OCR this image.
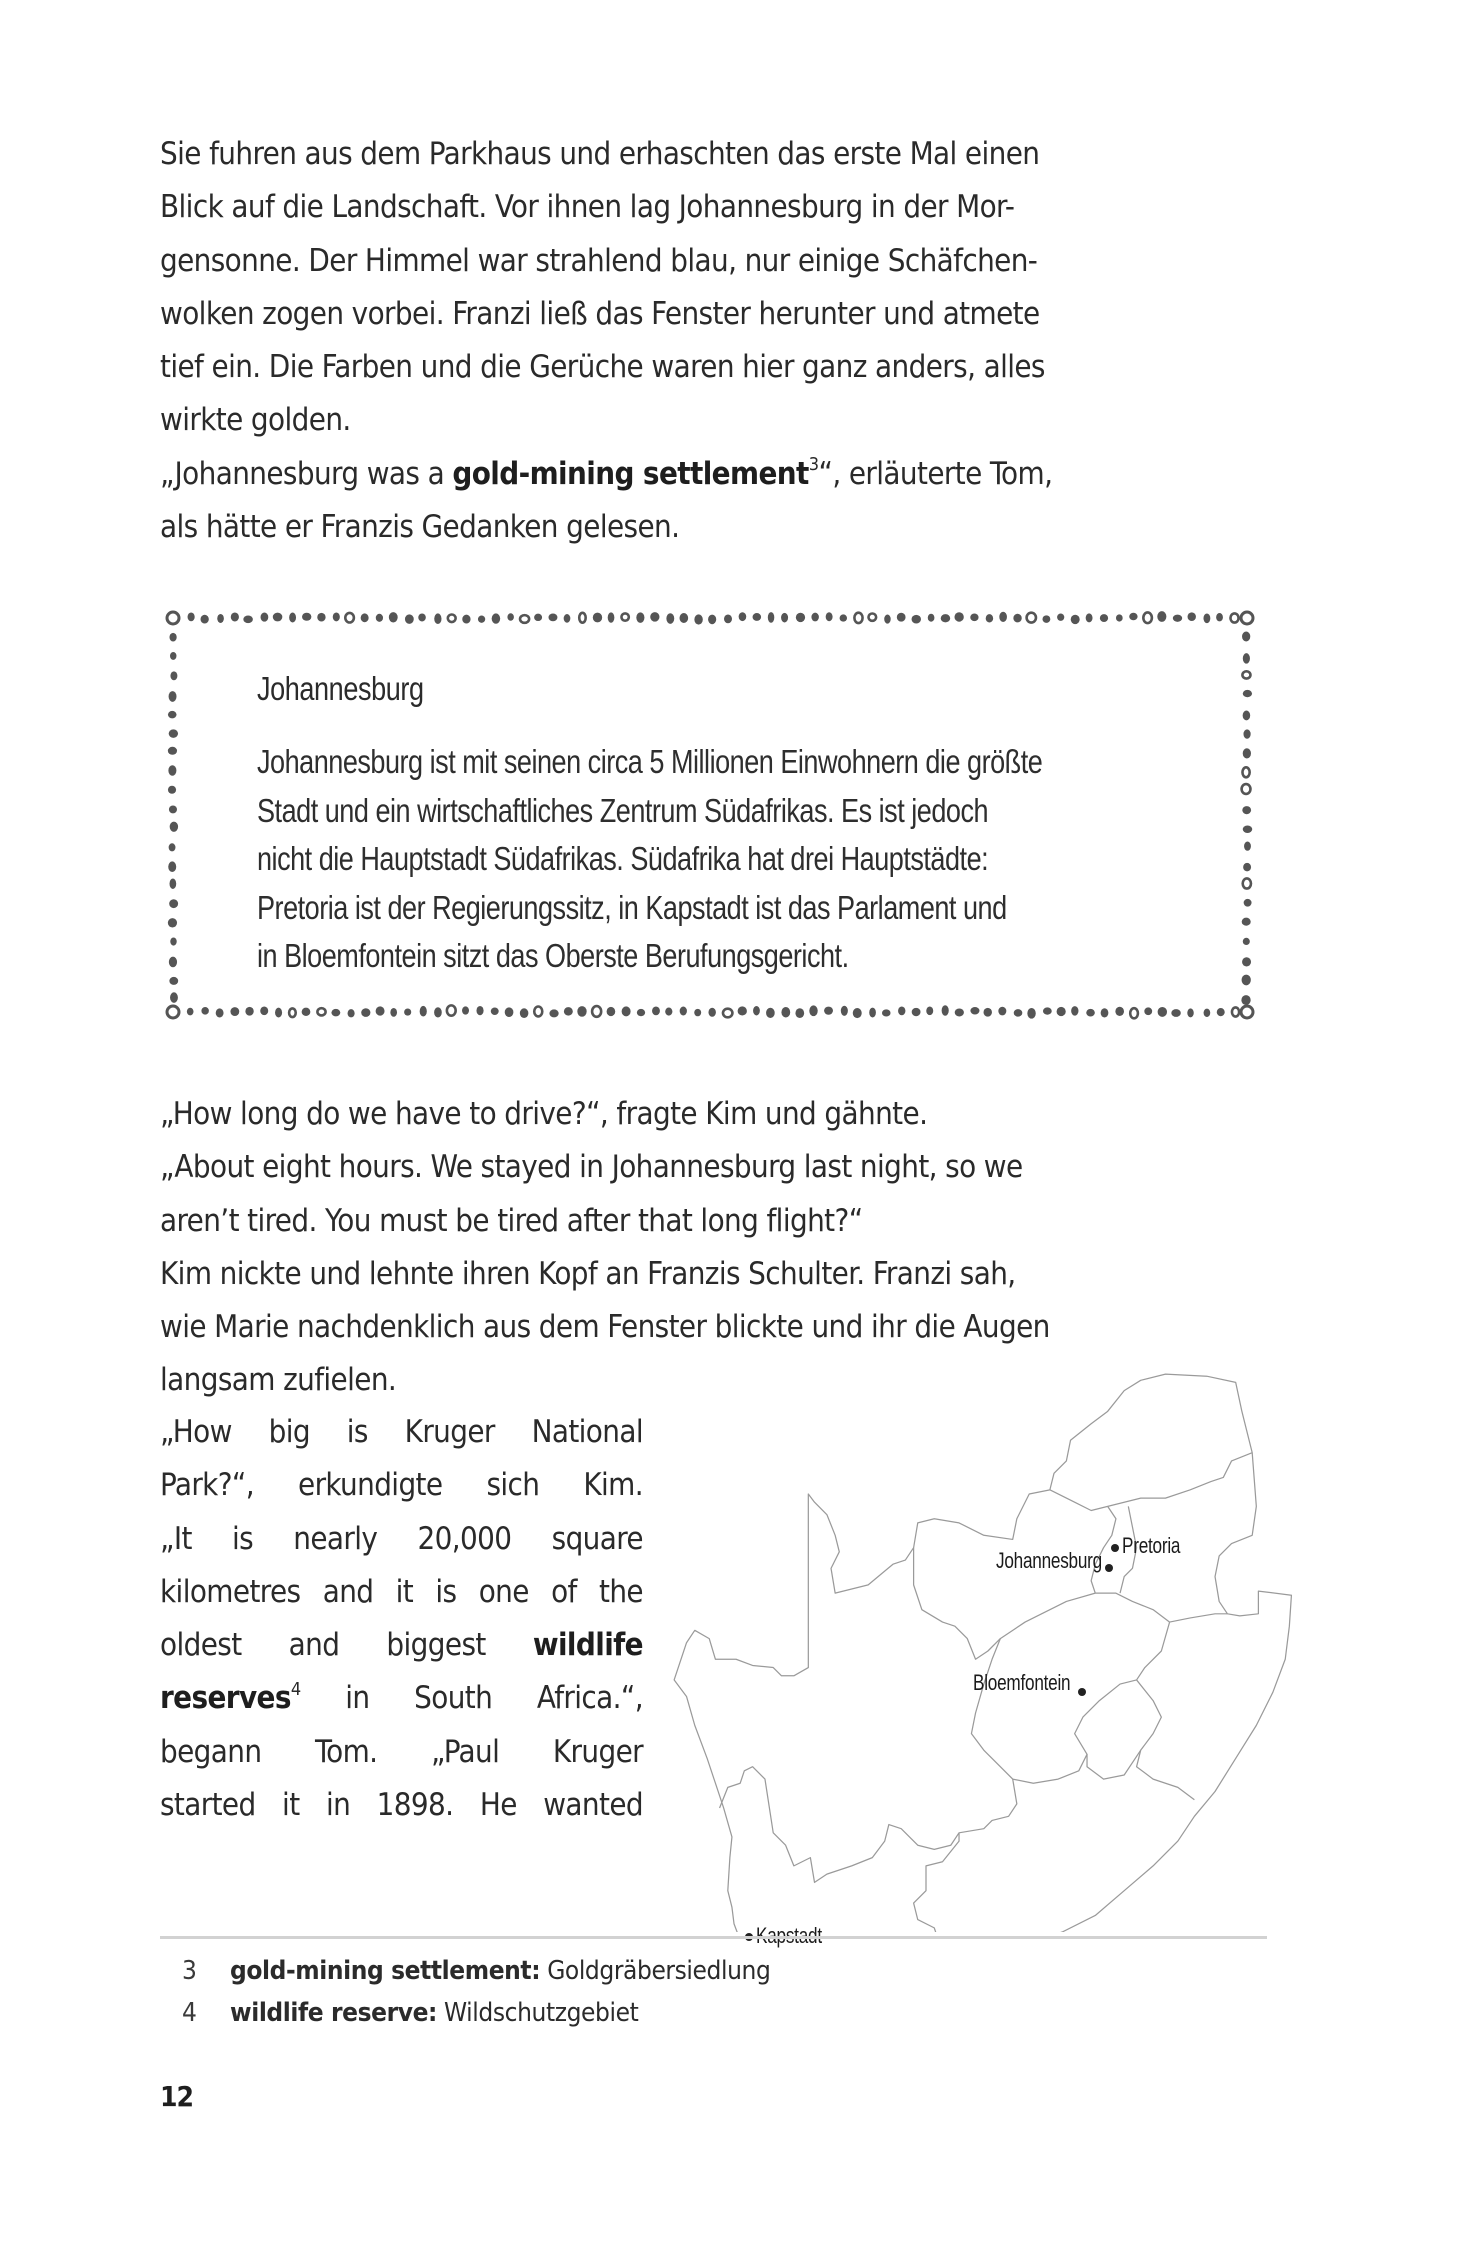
Sie fuhren aus dem Parkhaus und erhaschten das erste Mal einen
Blick auf die Landschaft. Vor ihnen lag Johannesburg in der Mor-
gensonne. Der Himmel war strahlend blau, nur einige Schäfchen-
wolken zogen vorbei. Franzi ließ das Fenster herunter und atmete
tief ein. Die Farben und die Gerüche waren hier ganz anders, alles
wirkte golden.
„Johannesburg was a gold-mining settlement$^3$“, erläuterte Tom,
als hätte er Franzis Gedanken gelesen.
Johannesburg
Johannesburg ist mit seinen circa 5 Millionen Einwohnern die größte
Stadt und ein wirtschaftliches Zentrum Südafrikas. Es ist jedoch
nicht die Hauptstadt Südafrikas. Südafrika hat drei Hauptstädte:
Pretoria ist der Regierungssitz, in Kapstadt ist das Parlament und
in Bloemfontein sitzt das Oberste Berufungsgericht.
„How long do we have to drive?“, fragte Kim und gähnte.
„About eight hours. We stayed in Johannesburg last night, so we
aren’t tired. You must be tired after that long flight?“
Kim nickte und lehnte ihren Kopf an Franzis Schulter. Franzi sah,
wie Marie nachdenklich aus dem Fenster blickte und ihr die Augen
langsam zufielen.
„How big is Kruger National
Park?“, erkundigte sich Kim.
„It is nearly 20,000 square
kilometres and it is one of the
oldest and biggest wildlife
reserves$^4$ in South Africa.“,
begann Tom. „Paul Kruger
started it in 1898. He wanted
Johannesburg
Pretoria
Bloemfontein
3	gold-mining settlement: Goldgräbersiedlung
4	wildlife reserve: Wildschutzgebiet
12
